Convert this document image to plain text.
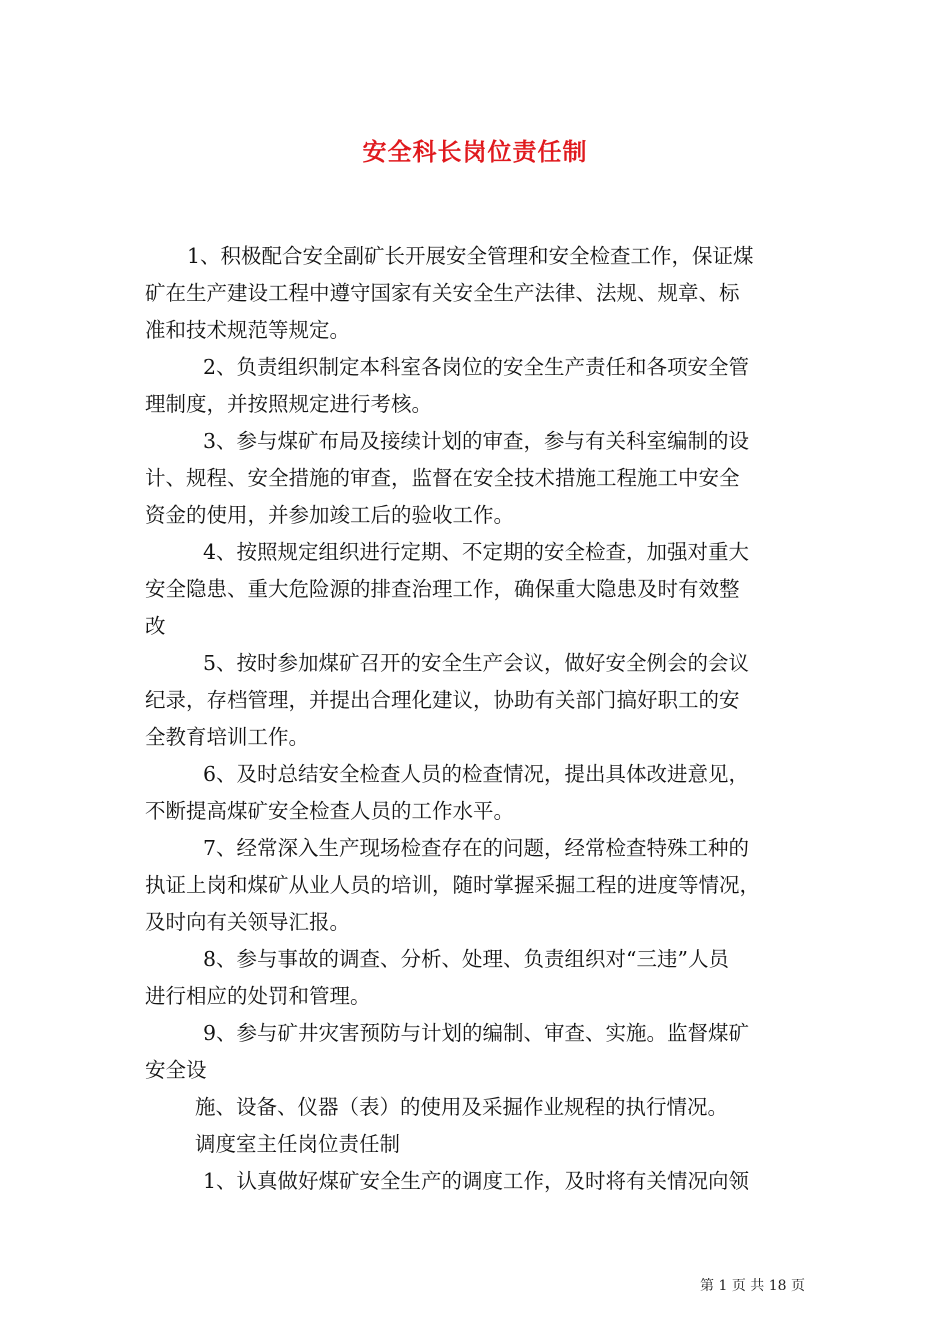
安全科长岗位责任制
1、积极配合安全副矿长开展安全管理和安全检查工作，保证煤
矿在生产建设工程中遵守国家有关安全生产法律、法规、规章、标
准和技术规范等规定。
2、负责组织制定本科室各岗位的安全生产责任和各项安全管
理制度，并按照规定进行考核。
3、参与煤矿布局及接续计划的审查，参与有关科室编制的设
计、规程、安全措施的审查，监督在安全技术措施工程施工中安全
资金的使用，并参加竣工后的验收工作。
4、按照规定组织进行定期、不定期的安全检查，加强对重大
安全隐患、重大危险源的排查治理工作，确保重大隐患及时有效整
改
5、按时参加煤矿召开的安全生产会议，做好安全例会的会议
纪录，存档管理，并提出合理化建议，协助有关部门搞好职工的安
全教育培训工作。
6、及时总结安全检查人员的检查情况，提出具体改进意见，
不断提高煤矿安全检查人员的工作水平。
7、经常深入生产现场检查存在的问题，经常检查特殊工种的
执证上岗和煤矿从业人员的培训，随时掌握采掘工程的进度等情况，
及时向有关领导汇报。
8、参与事故的调查、分析、处理、负责组织对“三违”人员
进行相应的处罚和管理。
9、参与矿井灾害预防与计划的编制、审查、实施。监督煤矿
安全设
施、设备、仪器（表）的使用及采掘作业规程的执行情况。
调度室主任岗位责任制
1、认真做好煤矿安全生产的调度工作，及时将有关情况向领
第 1 页 共 18 页
